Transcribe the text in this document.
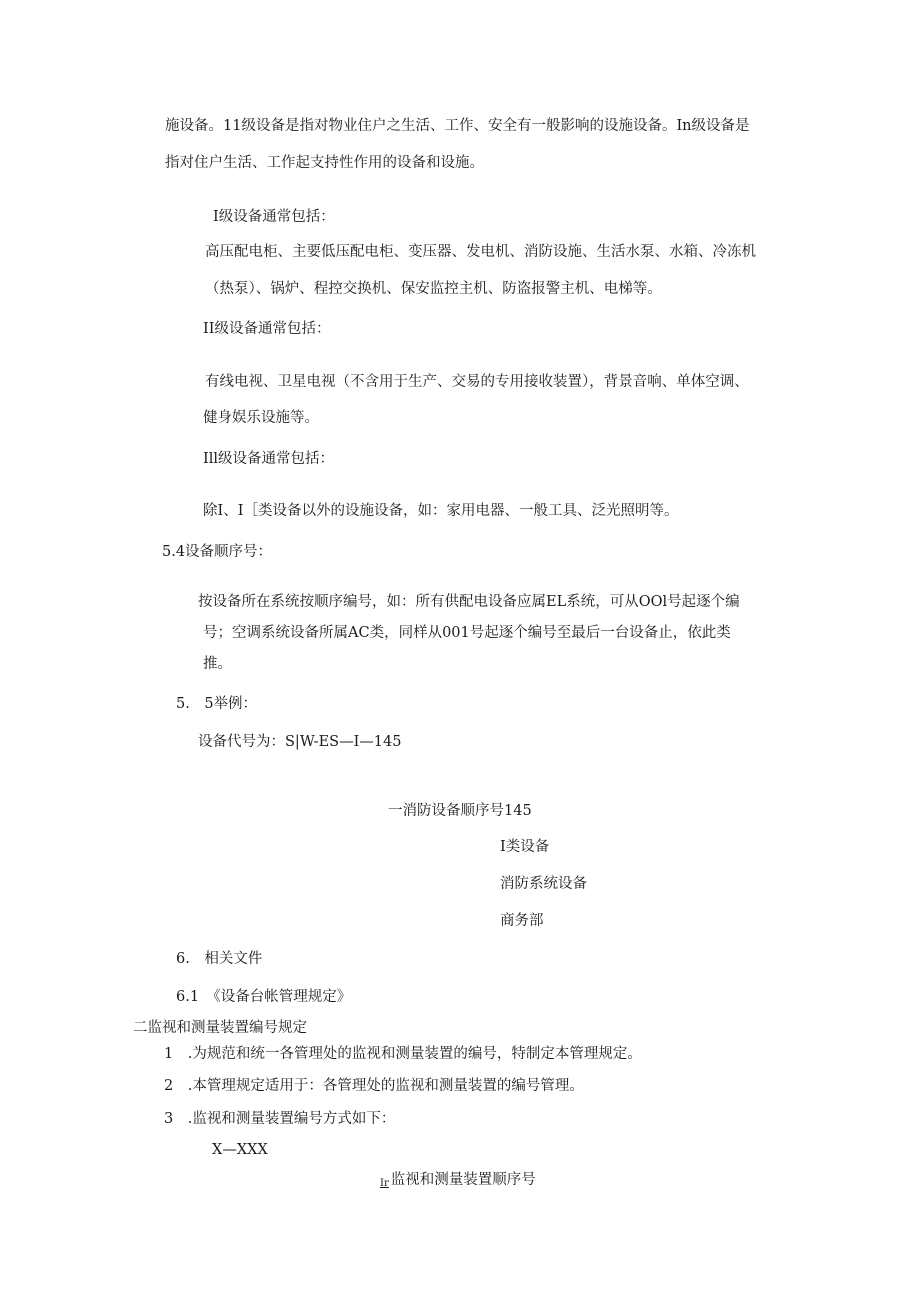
施设备。11级设备是指对物业住户之生活、工作、安全有一般影响的设施设备。In级设备是
指对住户生活、工作起支持性作用的设备和设施。
I级设备通常包括：
高压配电柜、主要低压配电柜、变压器、发电机、消防设施、生活水泵、水箱、冷冻机
（热泵）、锅炉、程控交换机、保安监控主机、防盗报警主机、电梯等。
II级设备通常包括：
有线电视、卫星电视（不含用于生产、交易的专用接收装置），背景音响、单体空调、
健身娱乐设施等。
Ill级设备通常包括：
除I、I［类设备以外的设施设备，如：家用电器、一般工具、泛光照明等。
5.4设备顺序号：
按设备所在系统按顺序编号，如：所有供配电设备应属EL系统，可从OOl号起逐个编
号；空调系统设备所属AC类，同样从001号起逐个编号至最后一台设备止，依此类
推。
5.　5举例：
设备代号为：S|W-ES—I—145
一消防设备顺序号145
I类设备
消防系统设备
商务部
6.　相关文件
6.1　《设备台帐管理规定》
二监视和测量装置编号规定
1　.为规范和统一各管理处的监视和测量装置的编号，特制定本管理规定。
2　.本管理规定适用于：各管理处的监视和测量装置的编号管理。
3　.监视和测量装置编号方式如下：
X—XXX
Ir 监视和测量装置顺序号
